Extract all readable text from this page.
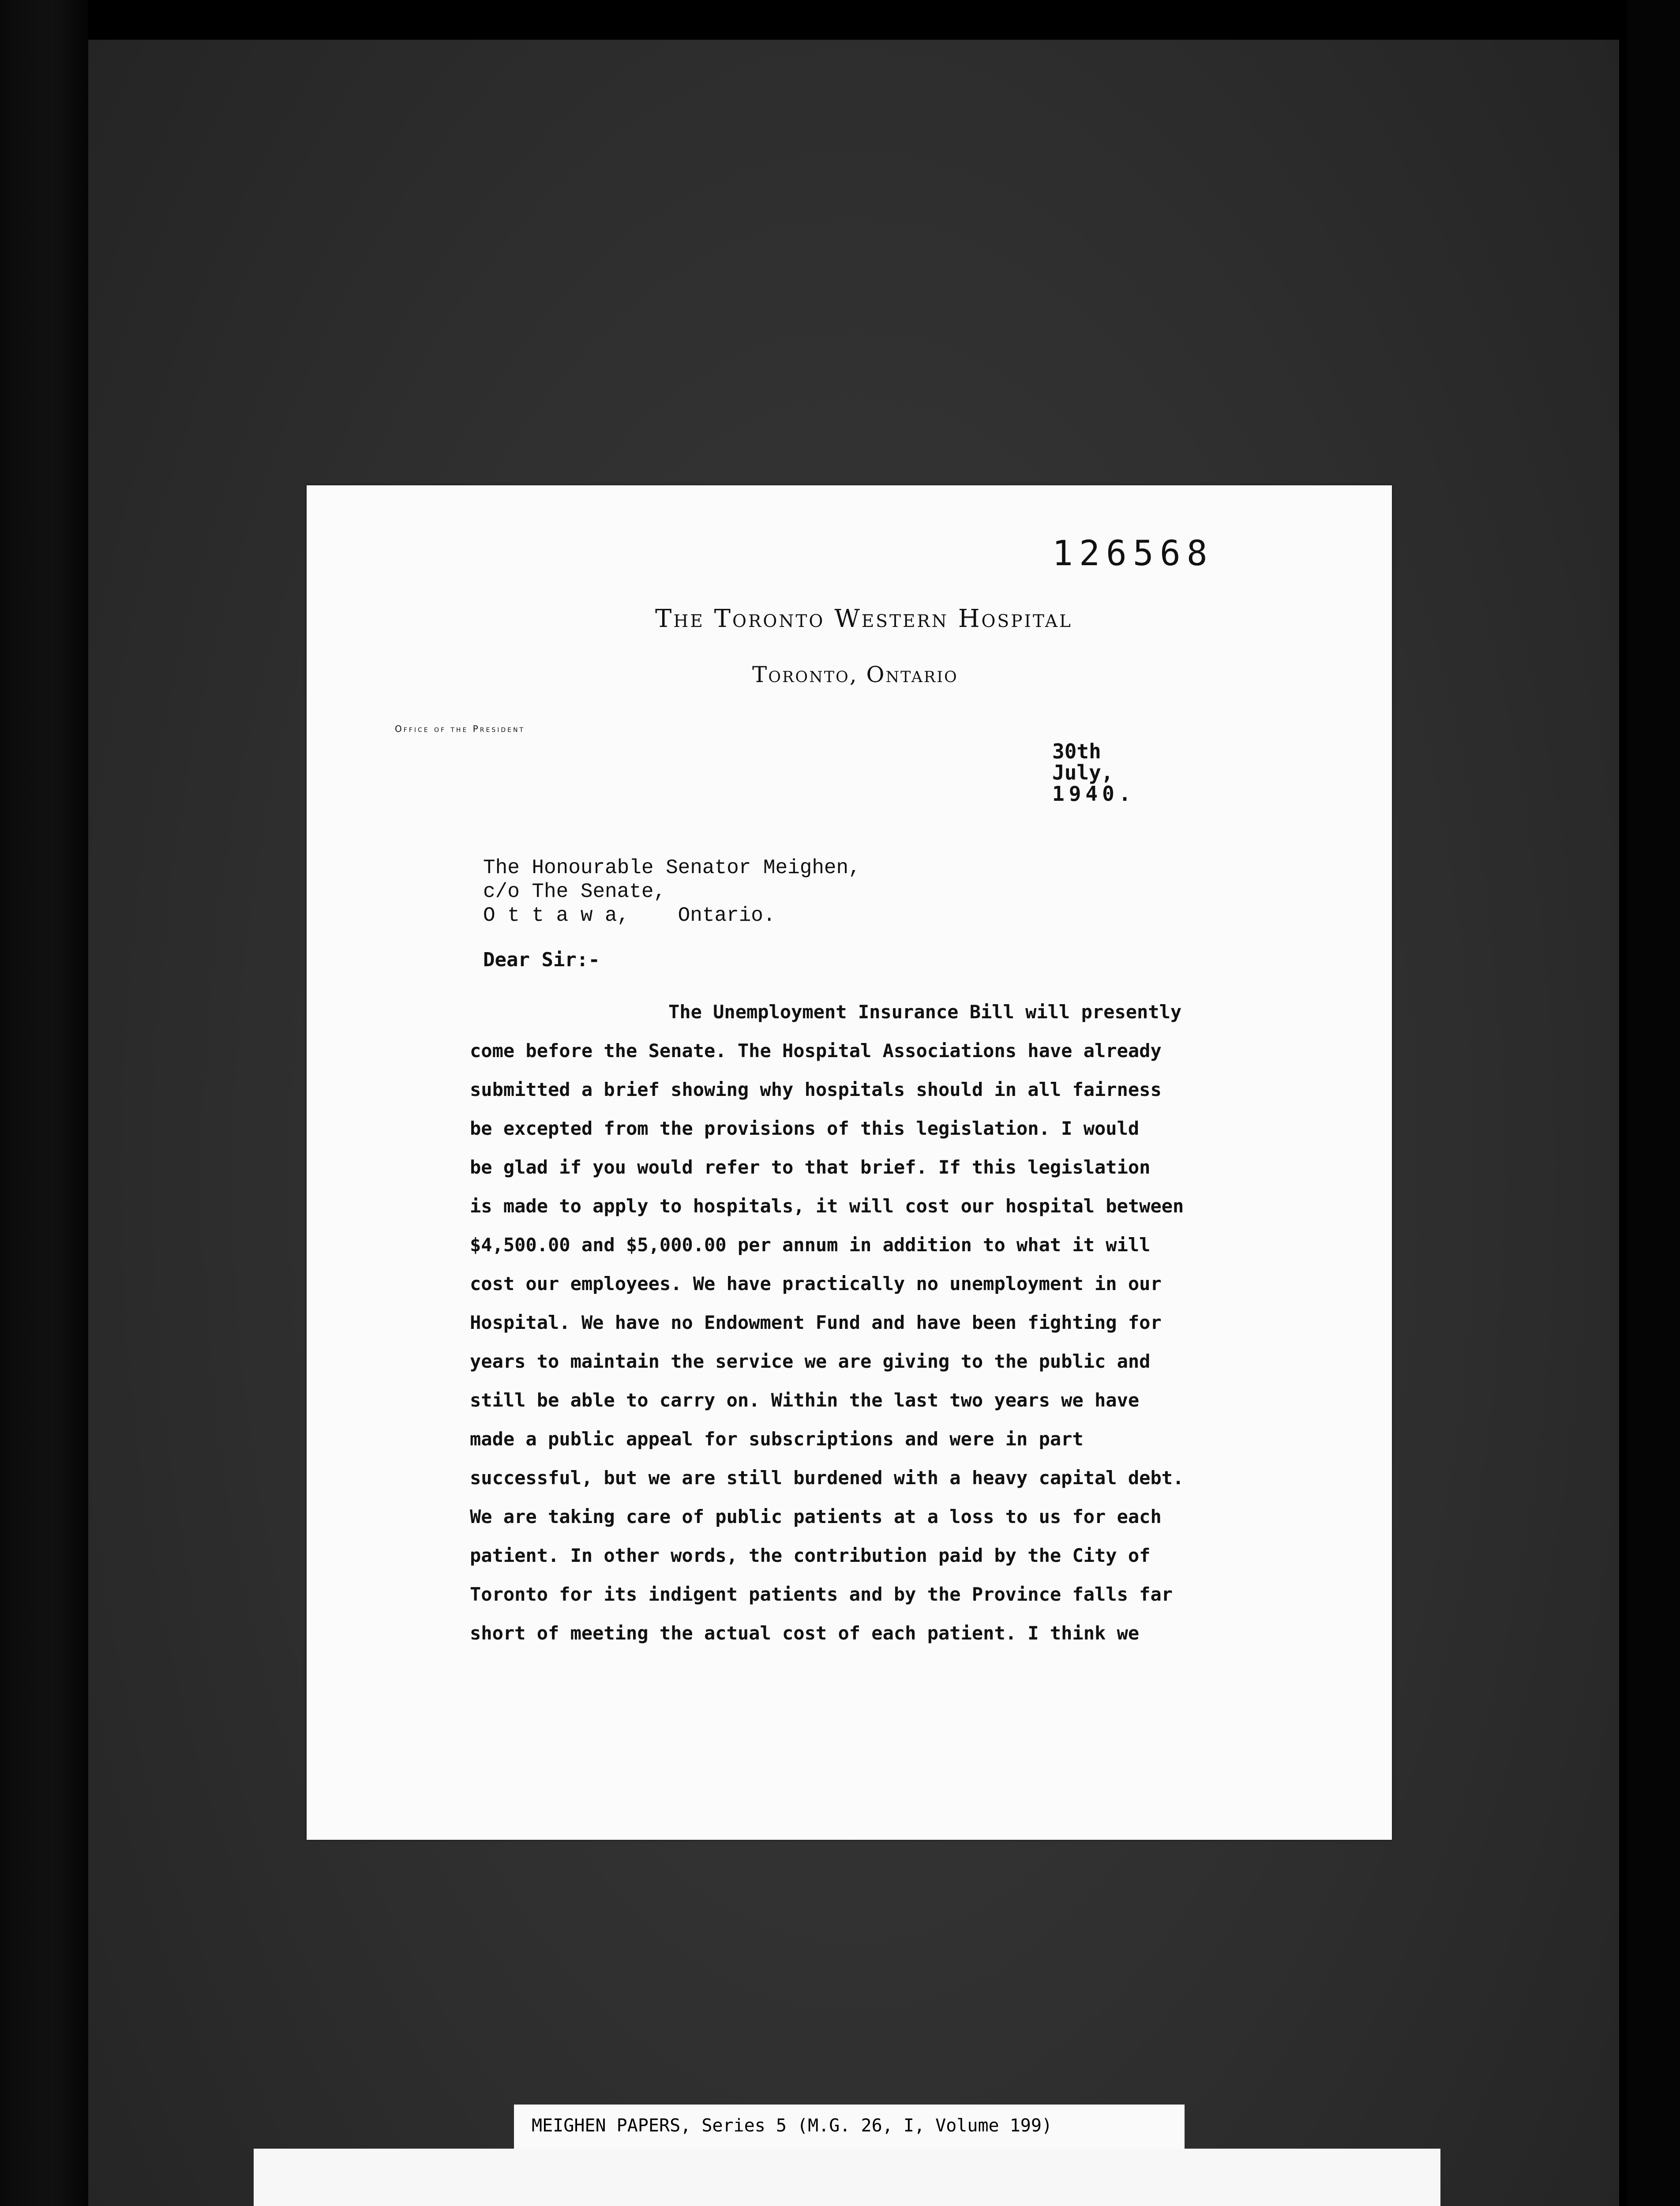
126568
The Toronto Western Hospital
Toronto, Ontario
Office of the President
30th
July,
1940.
The Honourable Senator Meighen,
c/o The Senate,
O t t a w a,    Ontario.
Dear Sir:-
The Unemployment Insurance Bill will presently
come before the Senate. The Hospital Associations have already
submitted a brief showing why hospitals should in all fairness
be excepted from the provisions of this legislation. I would
be glad if you would refer to that brief. If this legislation
is made to apply to hospitals, it will cost our hospital between
$4,500.00 and $5,000.00 per annum in addition to what it will
cost our employees. We have practically no unemployment in our
Hospital. We have no Endowment Fund and have been fighting for
years to maintain the service we are giving to the public and
still be able to carry on. Within the last two years we have
made a public appeal for subscriptions and were in part
successful, but we are still burdened with a heavy capital debt.
We are taking care of public patients at a loss to us for each
patient. In other words, the contribution paid by the City of
Toronto for its indigent patients and by the Province falls far
short of meeting the actual cost of each patient. I think we
MEIGHEN PAPERS, Series 5 (M.G. 26, I, Volume 199)
